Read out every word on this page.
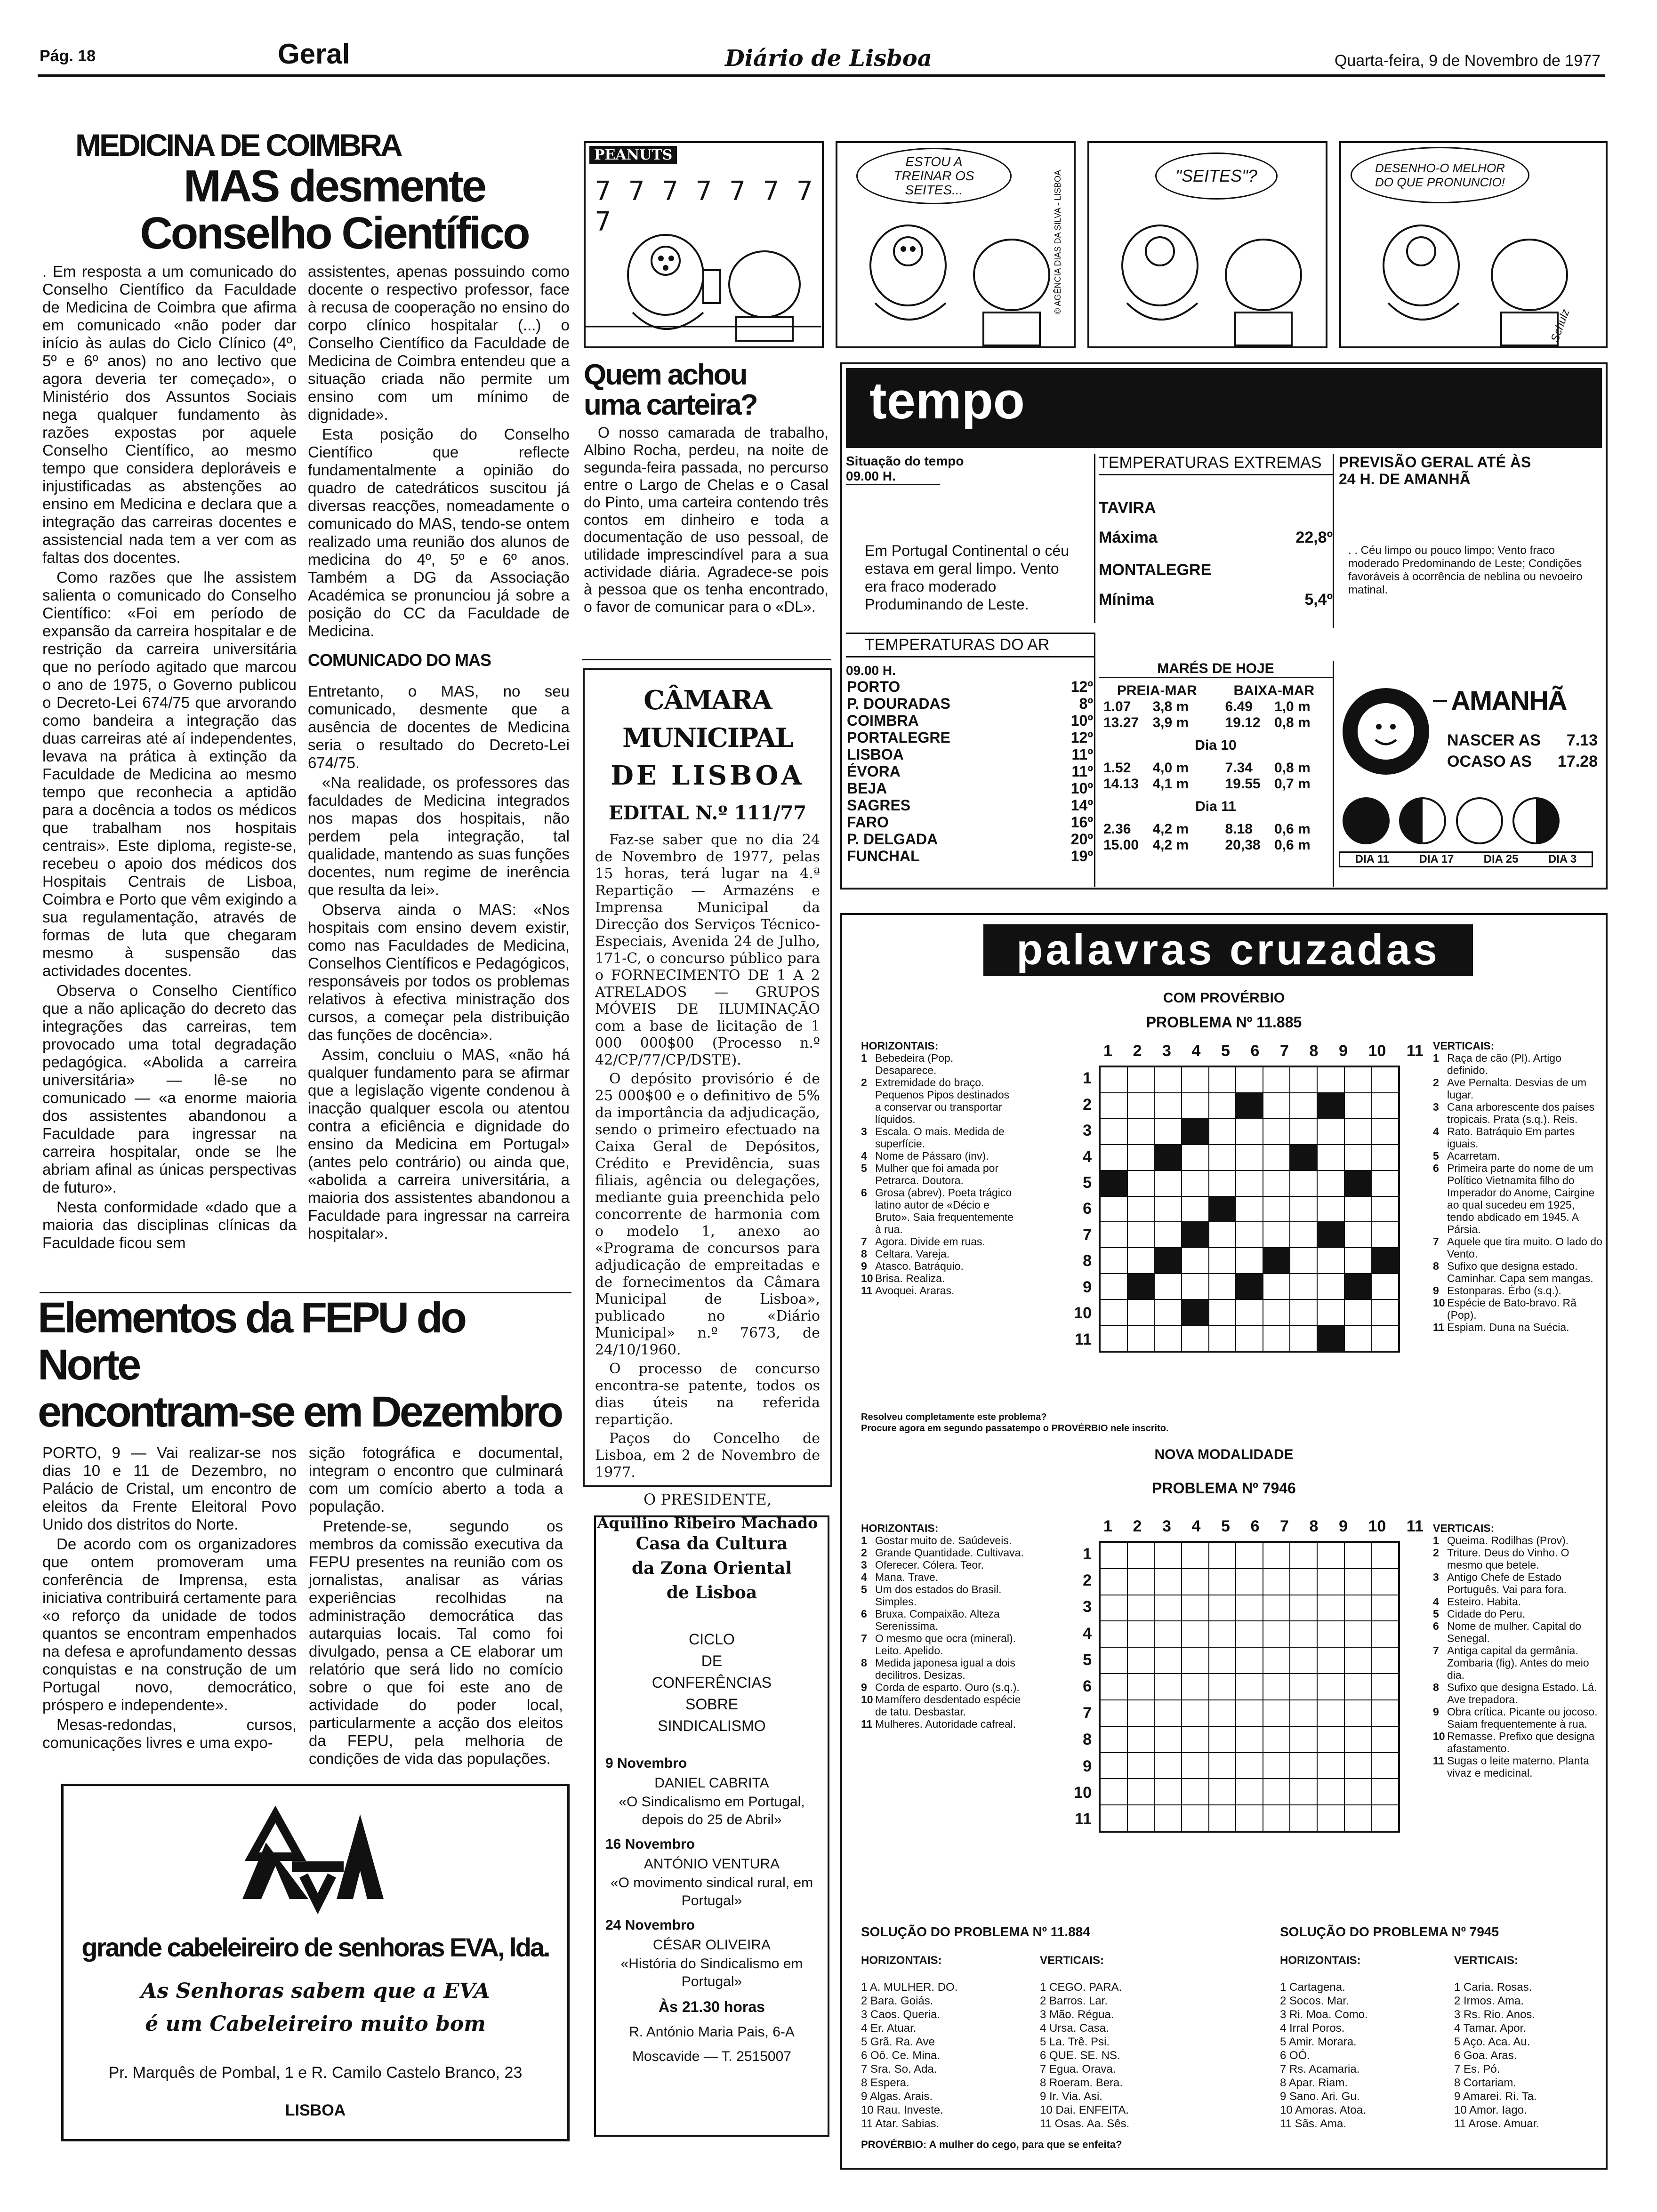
Pág. 18	Geral	Diário de Lisboa	Quarta-feira, 9 de Novembro de 1977
MEDICINA DE COIMBRA
MAS desmente
Conselho Científico

. Em resposta a um comunicado do Conselho Científico da Faculdade de Medicina de Coimbra que afirma em comunicado «não poder dar início às aulas do Ciclo Clínico (4º, 5º e 6º anos) no ano lectivo que agora deveria ter começado», o Ministério dos Assuntos Sociais nega qualquer fundamento às razões expostas por aquele Conselho Científico, ao mesmo tempo que considera deploráveis e injustificadas as abstenções ao ensino em Medicina e declara que a integração das carreiras docentes e assistencial nada tem a ver com as faltas dos docentes.

Como razões que lhe assistem salienta o comunicado do Conselho Científico: «Foi em período de expansão da carreira hospitalar e de restrição da carreira universitária que no período agitado que marcou o ano de 1975, o Governo publicou o Decreto-Lei 674/75 que arvorando como bandeira a integração das duas carreiras até aí independentes, levava na prática à extinção da Faculdade de Medicina ao mesmo tempo que reconhecia a aptidão para a docência a todos os médicos que trabalham nos hospitais centrais». Este diploma, registe-se, recebeu o apoio dos médicos dos Hospitais Centrais de Lisboa, Coimbra e Porto que vêm exigindo a sua regulamentação, através de formas de luta que chegaram mesmo à suspensão das actividades docentes.

Observa o Conselho Científico que a não aplicação do decreto das integrações das carreiras, tem provocado uma total degradação pedagógica. «Abolida a carreira universitária» — lê-se no comunicado — «a enorme maioria dos assistentes abandonou a Faculdade para ingressar na carreira hospitalar, onde se lhe abriam afinal as únicas perspectivas de futuro».

Nesta conformidade «dado que a maioria das disciplinas clínicas da Faculdade ficou sem

assistentes, apenas possuindo como docente o respectivo professor, face à recusa de cooperação no ensino do corpo clínico hospitalar (...) o Conselho Científico da Faculdade de Medicina de Coimbra entendeu que a situação criada não permite um ensino com um mínimo de dignidade».

Esta posição do Conselho Científico que reflecte fundamentalmente a opinião do quadro de catedráticos suscitou já diversas reacções, nomeadamente o comunicado do MAS, tendo-se ontem realizado uma reunião dos alunos de medicina do 4º, 5º e 6º anos. Também a DG da Associação Académica se pronunciou já sobre a posição do CC da Faculdade de Medicina.

COMUNICADO DO MAS

Entretanto, o MAS, no seu comunicado, desmente que a ausência de docentes de Medicina seria o resultado do Decreto-Lei 674/75.

«Na realidade, os professores das faculdades de Medicina integrados nos mapas dos hospitais, não perdem pela integração, tal qualidade, mantendo as suas funções docentes, num regime de inerência que resulta da lei».

Observa ainda o MAS: «Nos hospitais com ensino devem existir, como nas Faculdades de Medicina, Conselhos Científicos e Pedagógicos, responsáveis por todos os problemas relativos à efectiva ministração dos cursos, a começar pela distribuição das funções de docência».

Assim, concluiu o MAS, «não há qualquer fundamento para se afirmar que a legislação vigente condenou à inacção qualquer escola ou atentou contra a eficiência e dignidade do ensino da Medicina em Portugal» (antes pelo contrário) ou ainda que, «abolida a carreira universitária, a maioria dos assistentes abandonou a Faculdade para ingressar na carreira hospitalar».

Elementos da FEPU do Norte
encontram-se em Dezembro

PORTO, 9 — Vai realizar-se nos dias 10 e 11 de Dezembro, no Palácio de Cristal, um encontro de eleitos da Frente Eleitoral Povo Unido dos distritos do Norte.

De acordo com os organizadores que ontem promoveram uma conferência de Imprensa, esta iniciativa contribuirá certamente para «o reforço da unidade de todos quantos se encontram empenhados na defesa e aprofundamento dessas conquistas e na construção de um Portugal novo, democrático, próspero e independente».

Mesas-redondas, cursos, comunicações livres e uma expo-

sição fotográfica e documental, integram o encontro que culminará com um comício aberto a toda a população.

Pretende-se, segundo os membros da comissão executiva da FEPU presentes na reunião com os jornalistas, analisar as várias experiências recolhidas na administração democrática das autarquias locais. Tal como foi divulgado, pensa a CE elaborar um relatório que será lido no comício sobre o que foi este ano de actividade do poder local, particularmente a acção dos eleitos da FEPU, pela melhoria de condições de vida das populações.

grande cabeleireiro de senhoras EVA, lda.
As Senhoras sabem que a EVA
é um Cabeleireiro muito bom
Pr. Marquês de Pombal, 1 e R. Camilo Castelo Branco, 23
LISBOA
PEANUTS
7 7 7 7 7 7 7 7
ESTOU A TREINAR OS SEITES...	© AGÊNCIA DIAS DA SILVA - LISBOA	"SEITES"?	DESENHO-O MELHOR DO QUE PRONUNCIO!
Schulz
Quem achou
uma carteira?

O nosso camarada de trabalho, Albino Rocha, perdeu, na noite de segunda-feira passada, no percurso entre o Largo de Chelas e o Casal do Pinto, uma carteira contendo três contos em dinheiro e toda a documentação de uso pessoal, de utilidade imprescindível para a sua actividade diária. Agradece-se pois à pessoa que os tenha encontrado, o favor de comunicar para o «DL».

CÂMARA MUNICIPAL
DE LISBOA
EDITAL N.º 111/77

Faz-se saber que no dia 24 de Novembro de 1977, pelas 15 horas, terá lugar na 4.ª Repartição — Armazéns e Imprensa Municipal da Direcção dos Serviços Técnico-Especiais, Avenida 24 de Julho, 171-C, o concurso público para o FORNECIMENTO DE 1 A 2 ATRELADOS — GRUPOS MÓVEIS DE ILUMINAÇÃO com a base de licitação de 1 000 000$00 (Processo n.º 42/CP/77/CP/DSTE).

O depósito provisório é de 25 000$00 e o definitivo de 5% da importância da adjudicação, sendo o primeiro efectuado na Caixa Geral de Depósitos, Crédito e Previdência, suas filiais, agência ou delegações, mediante guia preenchida pelo concorrente de harmonia com o modelo 1, anexo ao «Programa de concursos para adjudicação de empreitadas e de fornecimentos da Câmara Municipal de Lisboa», publicado no «Diário Municipal» n.º 7673, de 24/10/1960.

O processo de concurso encontra-se patente, todos os dias úteis na referida repartição.

Paços do Concelho de Lisboa, em 2 de Novembro de 1977.

O PRESIDENTE,
Aquilino Ribeiro Machado
Casa da Cultura
da Zona Oriental
de Lisboa
CICLO
DE
CONFERÊNCIAS
SOBRE
SINDICALISMO
9 Novembro
DANIEL CABRITA
«O Sindicalismo em Portugal, depois do 25 de Abril»
16 Novembro
ANTÓNIO VENTURA
«O movimento sindical rural, em Portugal»
24 Novembro
CÉSAR OLIVEIRA
«História do Sindicalismo em Portugal»
Às 21.30 horas
R. António Maria Pais, 6-A
Moscavide — T. 2515007
tempo
Situação do tempo
09.00 H.
Em Portugal Continental o céu estava em geral limpo. Vento era fraco moderado Produminando de Leste.
TEMPERATURAS EXTREMAS
TAVIRA
Máxima	22,8º
MONTALEGRE
Mínima	5,4º
PREVISÃO GERAL ATÉ ÀS 24 H. DE AMANHÃ
. . Céu limpo ou pouco limpo; Vento fraco moderado Predominando de Leste; Condições favoráveis à ocorrência de neblina ou nevoeiro matinal.
TEMPERATURAS DO AR
09.00 H.
PORTO	12º
P. DOURADAS	8º
COIMBRA	10º
PORTALEGRE	12º
LISBOA	11º
ÉVORA	11º
BEJA	10º
SAGRES	14º
FARO	16º
P. DELGADA	20º
FUNCHAL	19º
MARÉS DE HOJE
PREIA-MAR	BAIXA-MAR
1.07	3,8 m	6.49	1,0 m
13.27 3,9 m	19.12 0,8 m
Dia 10
1.52	4,0 m	7.34	0,8 m
14.13 4,1 m	19.55 0,7 m
Dia 11
2.36	4,2 m	8.18	0,6 m
15.00 4,2 m	20,38 0,6 m
AMANHÃ
NASCER AS 7.13
OCASO AS 17.28

DIA 11	DIA 17	DIA 25	DIA 3
palavras cruzadas
COM PROVÉRBIO
PROBLEMA Nº 11.885
HORIZONTAIS:
1 Bebedeira (Pop. Desaparece.
2 Extremidade do braço. Pequenos Pipos destinados a conservar ou transportar líquidos.
3 Escala. O mais. Medida de superfície.
4 Nome de Pássaro (inv).
5 Mulher que foi amada por Petrarca. Doutora.
6 Grosa (abrev). Poeta trágico latino autor de «Décio e Bruto». Saia frequentemente à rua.
7 Agora. Divide em ruas.
8 Celtara. Vareja.
9 Atasco. Batráquio.
10 Brisa. Realiza.
11 Avoquei. Araras.
1 2 3 4 5 6 7 8 9 10 11
1
2
3
4
5
6
7
8
9
10
11
VERTICAIS:
1 Raça de cão (Pl). Artigo definido.
2 Ave Pernalta. Desvias de um lugar.
3 Cana arborescente dos países tropicais. Prata (s.q.). Reis.
4 Rato. Batráquio Em partes iguais.
5 Acarretam.
6 Primeira parte do nome de um Político Vietnamita filho do Imperador do Anome, Cairgine ao qual sucedeu em 1925, tendo abdicado em 1945. A Pársia.
7 Aquele que tira muito. O lado do Vento.
8 Sufixo que designa estado. Caminhar. Capa sem mangas.
9 Estonparas. Érbo (s.q.).
10 Espécie de Bato-bravo. Rã (Pop).
11 Espiam. Duna na Suécia.
Resolveu completamente este problema?
Procure agora em segundo passatempo o PROVÉRBIO nele inscrito.
NOVA MODALIDADE
PROBLEMA Nº 7946
HORIZONTAIS:
1 Gostar muito de. Saúdeveis.
2 Grande Quantidade. Cultivava.
3 Oferecer. Cólera. Teor.
4 Mana. Trave.
5 Um dos estados do Brasil. Simples.
6 Bruxa. Compaixão. Alteza Sereníssima.
7 O mesmo que ocra (mineral). Leito. Apelido.
8 Medida japonesa igual a dois decilitros. Desizas.
9 Corda de esparto. Ouro (s.q.).
10 Mamífero desdentado espécie de tatu. Desbastar.
11 Mulheres. Autoridade cafreal.
1 2 3 4 5 6 7 8 9 10 11
1
2
3
4
5
6
7
8
9
10
11
VERTICAIS:
1 Queima. Rodilhas (Prov).
2 Triture. Deus do Vinho. O mesmo que betele.
3 Antigo Chefe de Estado Português. Vai para fora.
4 Esteiro. Habita.
5 Cidade do Peru.
6 Nome de mulher. Capital do Senegal.
7 Antiga capital da germânia. Zombaria (fig). Antes do meio dia.
8 Sufixo que designa Estado. Lá. Ave trepadora.
9 Obra crítica. Picante ou jocoso. Saiam frequentemente à rua.
10 Remasse. Prefixo que designa afastamento.
11 Sugas o leite materno. Planta vivaz e medicinal.
SOLUÇÃO DO PROBLEMA Nº 11.884
HORIZONTAIS:
1 A. MULHER. DO.
2 Bara. Goiás.
3 Caos. Queria.
4 Er. Atuar.
5 Grã. Ra. Ave
6 Oô. Ce. Mina.
7 Sra. So. Ada.
8 Espera.
9 Algas. Arais.
10 Rau. Investe.
11 Atar. Sabias.
VERTICAIS:
1 CEGO. PARA.
2 Barros. Lar.
3 Mão. Régua.
4 Ursa. Casa.
5 La. Trê. Psi.
6 QUE. SE. NS.
7 Egua. Orava.
8 Roeram. Bera.
9 Ir. Via. Asi.
10 Dai. ENFEITA.
11 Osas. Aa. Sês.
SOLUÇÃO DO PROBLEMA Nº 7945
HORIZONTAIS:
1 Cartagena.
2 Socos. Mar.
3 Ri. Moa. Como.
4 Irral Poros.
5 Amir. Morara.
6 OÓ.
7 Rs. Acamaria.
8 Apar. Riam.
9 Sano. Ari. Gu.
10 Amoras. Atoa.
11 Sãs. Ama.
VERTICAIS:
1 Caria. Rosas.
2 Irmos. Ama.
3 Rs. Rio. Anos.
4 Tamar. Apor.
5 Aço. Aca. Au.
6 Goa. Aras.
7 Es. Pó.
8 Cortariam.
9 Amarei. Ri. Ta.
10 Amor. Iago.
11 Arose. Amuar.
PROVÉRBIO: A mulher do cego, para que se enfeita?
